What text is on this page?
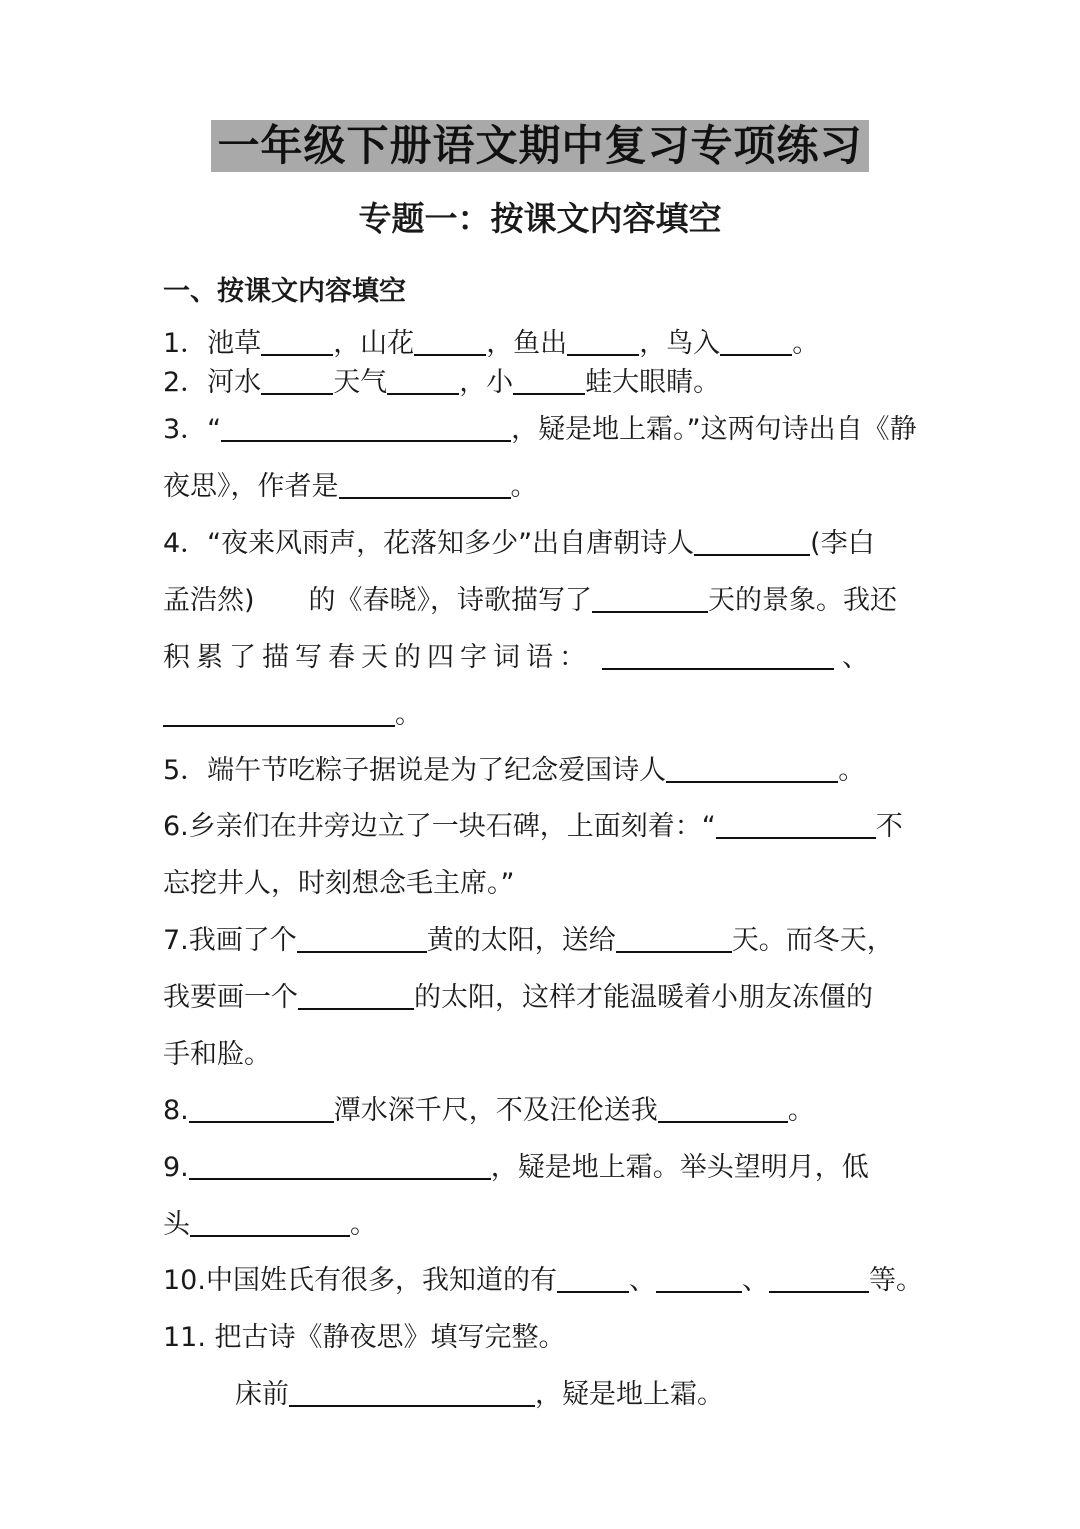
一年级下册语文期中复习专项练习
专题一：按课文内容填空
一、按课文内容填空
1．池草	，山花	，鱼出	，鸟入	。
2．河水	天气	，小	蛙大眼睛。
3．“	，疑是地上霜。”这两句诗出自《静
夜思》，作者是	。
4．“夜来风雨声，花落知多少”出自唐朝诗人	(李白
孟浩然)　　的《春晓》，诗歌描写了	天的景象。我还
积累了描写春天的四字词语：	、
。
5．端午节吃粽子据说是为了纪念爱国诗人	。
6.乡亲们在井旁边立了一块石碑，上面刻着：“	不
忘挖井人，时刻想念毛主席。”
7.我画了个	黄的太阳，送给	天。而冬天，
我要画一个	的太阳，这样才能温暖着小朋友冻僵的
手和脸。
8.	潭水深千尺，不及汪伦送我	。
9.	，疑是地上霜。举头望明月，低
头	。
10.中国姓氏有很多，我知道的有	、	、	等。
11. 把古诗《静夜思》填写完整。
床前	，疑是地上霜。
